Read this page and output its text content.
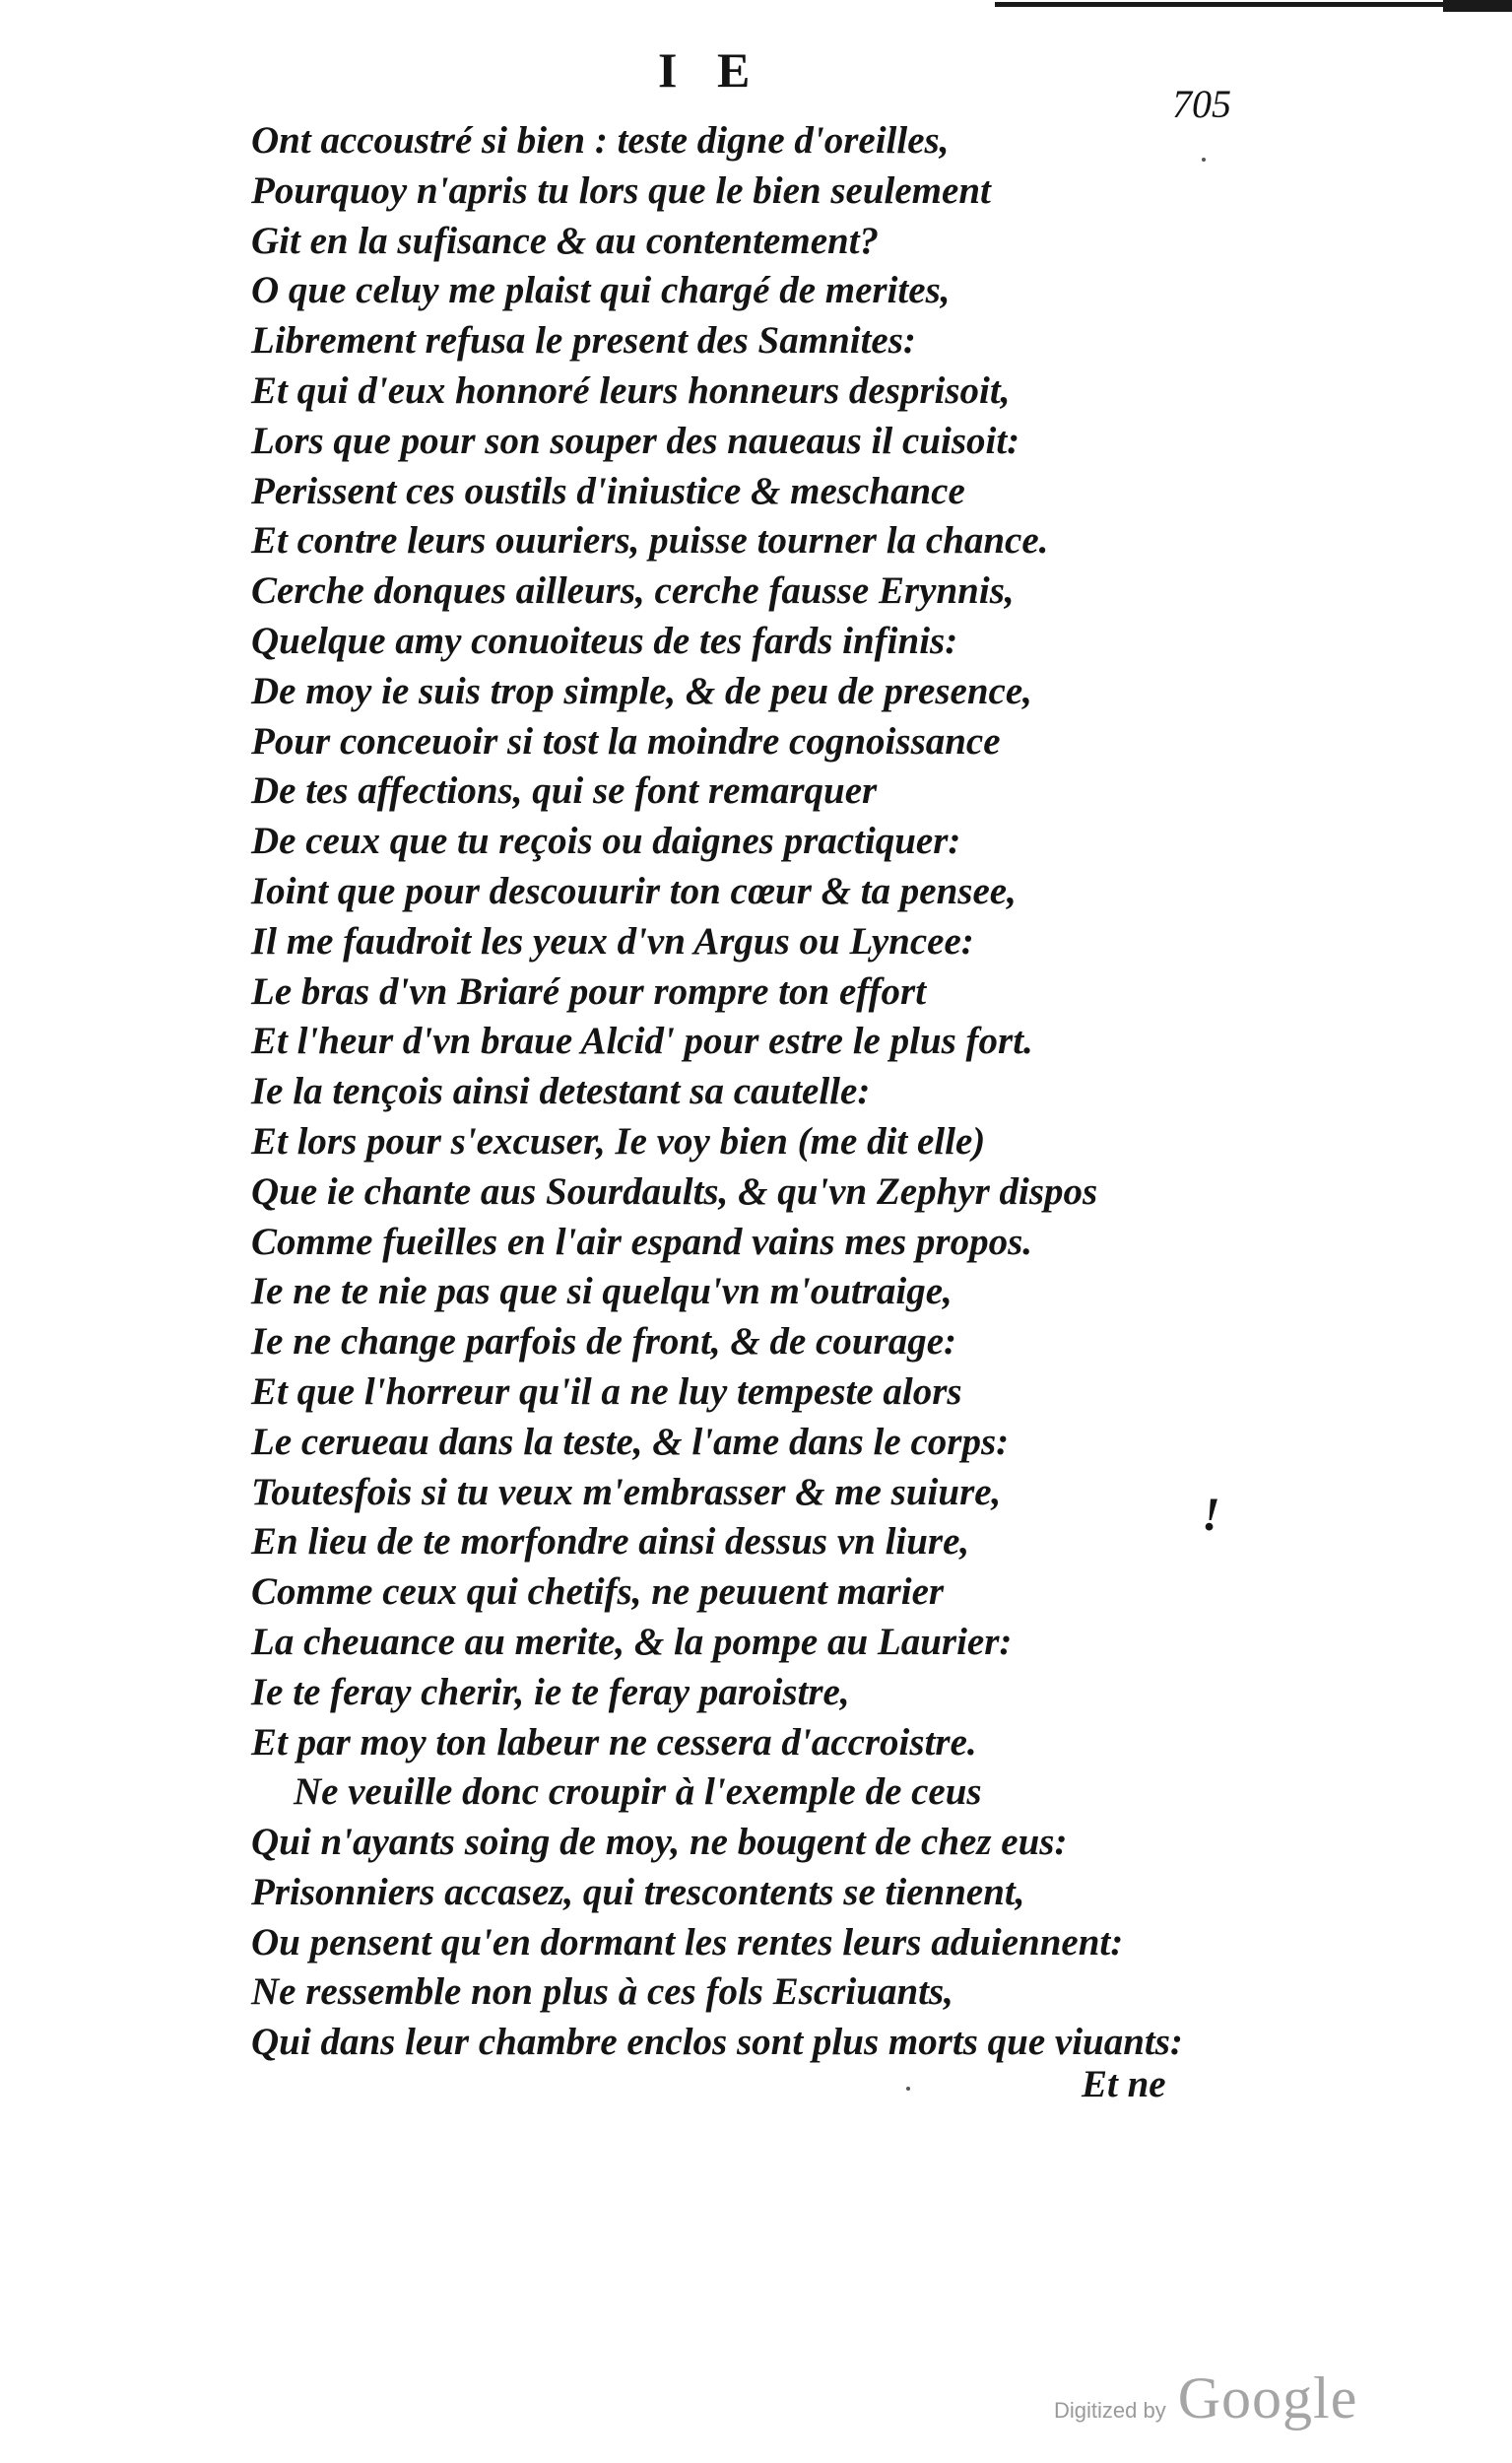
I E
705
Ont accoustré si bien : teste digne d'oreilles,
Pourquoy n'apris tu lors que le bien seulement
Git en la sufisance & au contentement?
O que celuy me plaist qui chargé de merites,
Librement refusa le present des Samnites:
Et qui d'eux honnoré leurs honneurs desprisoit,
Lors que pour son souper des naueaus il cuisoit:
Perissent ces oustils d'iniustice & meschance
Et contre leurs ouuriers, puisse tourner la chance.
Cerche donques ailleurs, cerche fausse Erynnis,
Quelque amy conuoiteus de tes fards infinis:
De moy ie suis trop simple, & de peu de presence,
Pour conceuoir si tost la moindre cognoissance
De tes affections, qui se font remarquer
De ceux que tu reçois ou daignes practiquer:
Ioint que pour descouurir ton cœur & ta pensee,
Il me faudroit les yeux d'vn Argus ou Lyncee:
Le bras d'vn Briaré pour rompre ton effort
Et l'heur d'vn braue Alcid' pour estre le plus fort.
Ie la tençois ainsi detestant sa cautelle:
Et lors pour s'excuser, Ie voy bien (me dit elle)
Que ie chante aus Sourdaults, & qu'vn Zephyr dispos
Comme fueilles en l'air espand vains mes propos.
Ie ne te nie pas que si quelqu'vn m'outraige,
Ie ne change parfois de front, & de courage:
Et que l'horreur qu'il a ne luy tempeste alors
Le cerueau dans la teste, & l'ame dans le corps:
Toutesfois si tu veux m'embrasser & me suiure,
En lieu de te morfondre ainsi dessus vn liure,
Comme ceux qui chetifs, ne peuuent marier
La cheuance au merite, & la pompe au Laurier:
Ie te feray cherir, ie te feray paroistre,
Et par moy ton labeur ne cessera d'accroistre.
Ne veuille donc croupir à l'exemple de ceus
Qui n'ayants soing de moy, ne bougent de chez eus:
Prisonniers accasez, qui trescontents se tiennent,
Ou pensent qu'en dormant les rentes leurs aduiennent:
Ne ressemble non plus à ces fols Escriuants,
Qui dans leur chambre enclos sont plus morts que viuants:
Et ne
!
Digitized by Google
